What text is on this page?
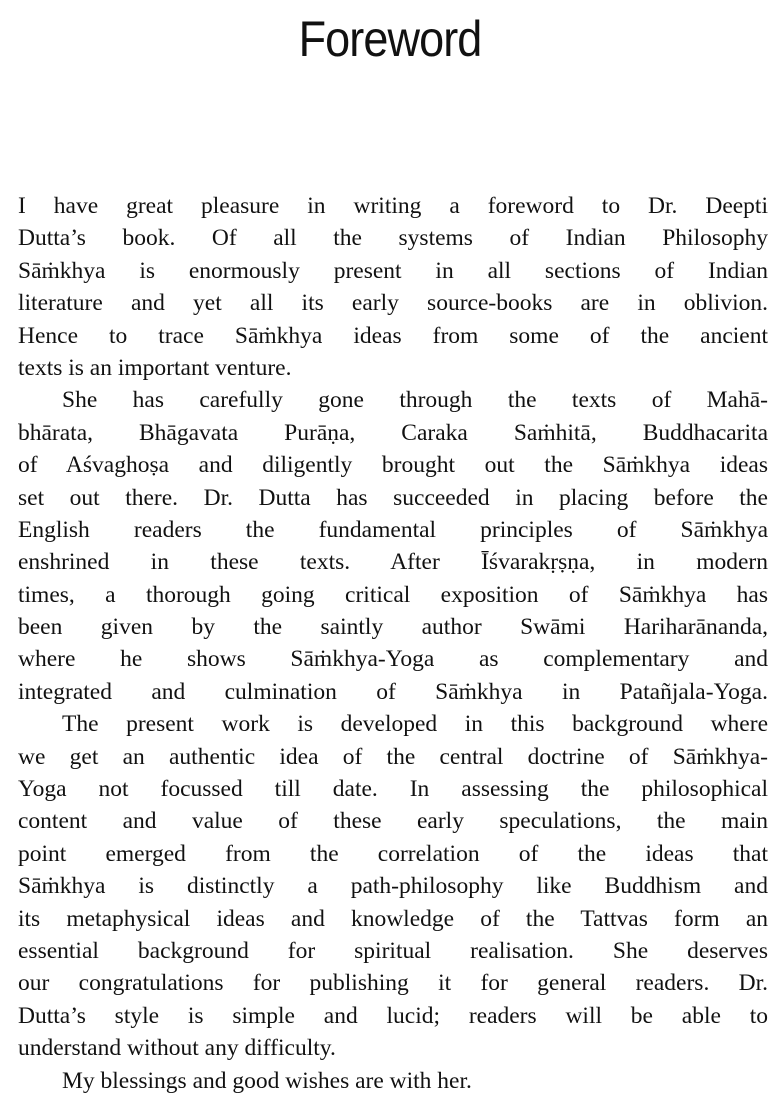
Foreword
I have great pleasure in writing a foreword to Dr. Deepti
Dutta’s book. Of all the systems of Indian Philosophy
Sāṁkhya is enormously present in all sections of Indian
literature and yet all its early source-books are in oblivion.
Hence to trace Sāṁkhya ideas from some of the ancient
texts is an important venture.
She has carefully gone through the texts of Mahā-
bhārata, Bhāgavata Purāṇa, Caraka Saṁhitā, Buddhacarita
of Aśvaghoṣa and diligently brought out the Sāṁkhya ideas
set out there. Dr. Dutta has succeeded in placing before the
English readers the fundamental principles of Sāṁkhya
enshrined in these texts. After Īśvarakṛṣṇa, in modern
times, a thorough going critical exposition of Sāṁkhya has
been given by the saintly author Swāmi Hariharānanda,
where he shows Sāṁkhya-Yoga as complementary and
integrated and culmination of Sāṁkhya in Patañjala-Yoga.
The present work is developed in this background where
we get an authentic idea of the central doctrine of Sāṁkhya-
Yoga not focussed till date. In assessing the philosophical
content and value of these early speculations, the main
point emerged from the correlation of the ideas that
Sāṁkhya is distinctly a path-philosophy like Buddhism and
its metaphysical ideas and knowledge of the Tattvas form an
essential background for spiritual realisation. She deserves
our congratulations for publishing it for general readers. Dr.
Dutta’s style is simple and lucid; readers will be able to
understand without any difficulty.
My blessings and good wishes are with her.
